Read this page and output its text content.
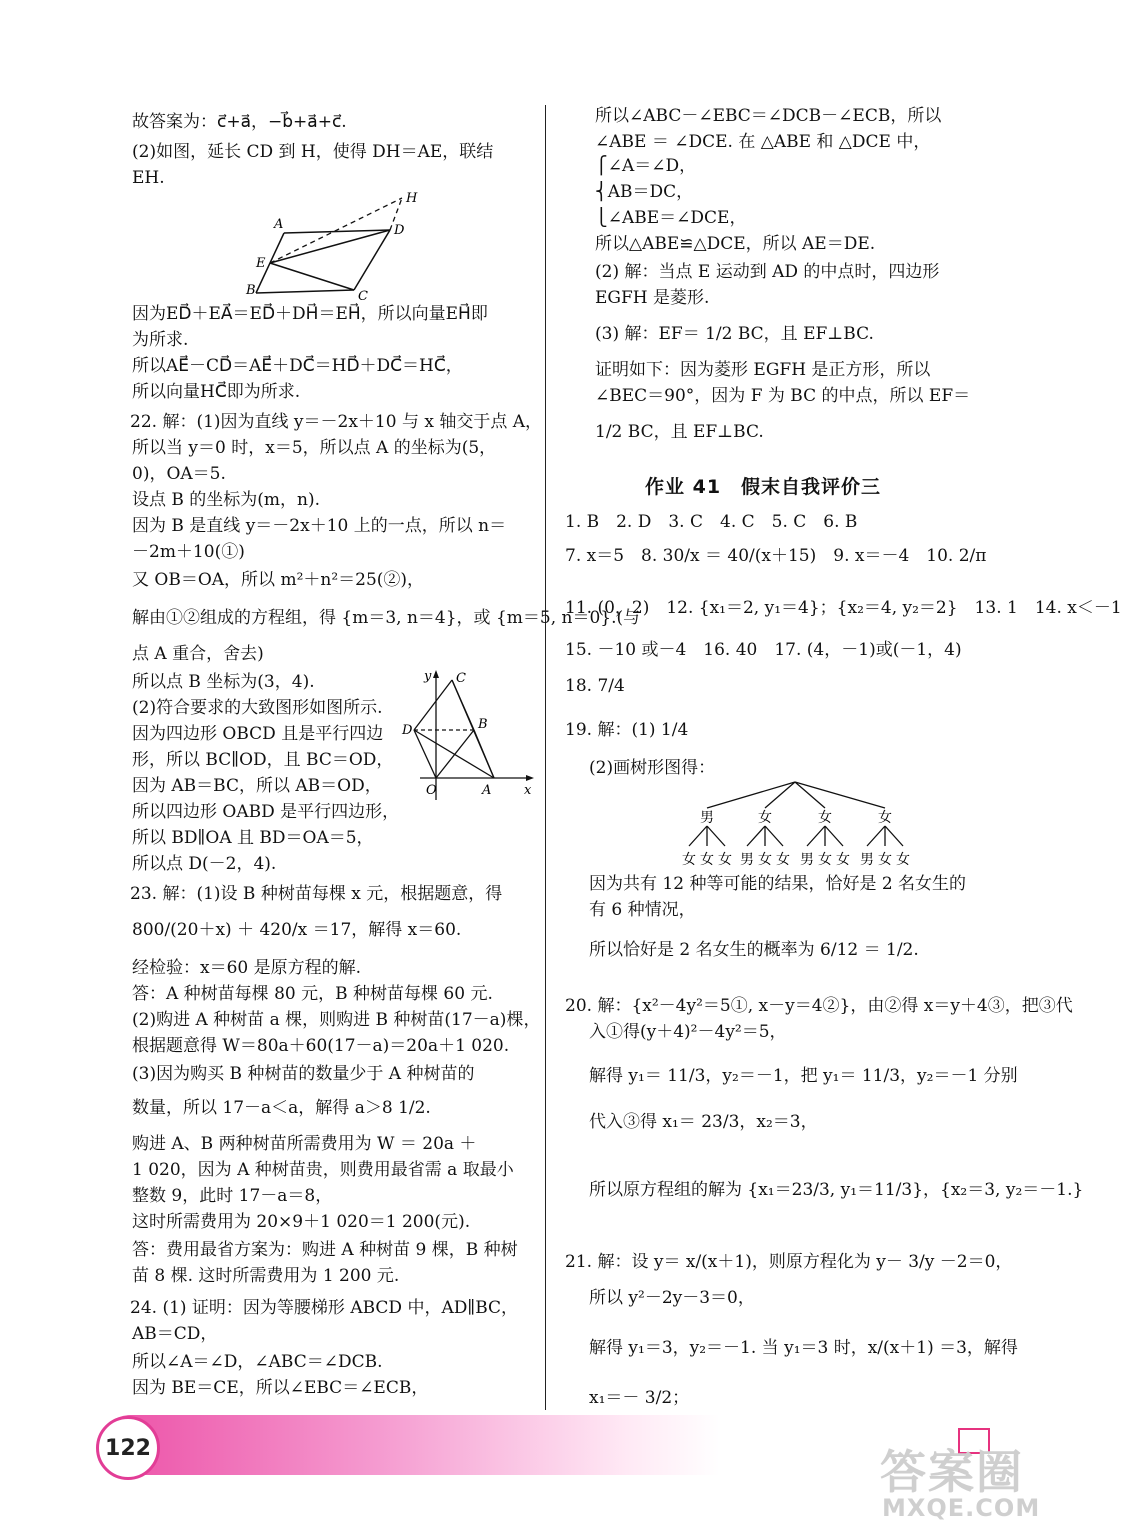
故答案为：c⃗+a⃗，−b⃗+a⃗+c⃗.
(2)如图，延长 CD 到 H，使得 DH＝AE，联结
EH.
A	D
E
B	C
H
因为ED⃗＋EA⃗＝ED⃗＋DH⃗＝EH⃗，所以向量EH⃗即
为所求.
所以AE⃗－CD⃗＝AE⃗＋DC⃗＝HD⃗＋DC⃗＝HC⃗，
所以向量HC⃗即为所求.
22. 解：(1)因为直线 y＝－2x＋10 与 x 轴交于点 A，
所以当 y＝0 时，x＝5，所以点 A 的坐标为(5，
0)，OA＝5.
设点 B 的坐标为(m，n).
因为 B 是直线 y＝－2x＋10 上的一点，所以 n＝
－2m＋10(①)
又 OB＝OA，所以 m²＋n²＝25(②)，
解由①②组成的方程组，得 {m＝3, n＝4}，或 {m＝5, n＝0}.(与
点 A 重合，舍去)
所以点 B 坐标为(3，4).
(2)符合要求的大致图形如图所示.
因为四边形 OBCD 且是平行四边
形，所以 BC∥OD，且 BC＝OD，
因为 AB＝BC，所以 AB＝OD，
所以四边形 OABD 是平行四边形，
所以 BD∥OA 且 BD＝OA＝5，
所以点 D(－2，4).
y C
B
D
O	A	x
23. 解：(1)设 B 种树苗每棵 x 元，根据题意，得
800/(20＋x) ＋ 420/x ＝17，解得 x＝60.
经检验：x＝60 是原方程的解.
答：A 种树苗每棵 80 元，B 种树苗每棵 60 元.
(2)购进 A 种树苗 a 棵，则购进 B 种树苗(17－a)棵，
根据题意得 W＝80a＋60(17－a)＝20a＋1 020.
(3)因为购买 B 种树苗的数量少于 A 种树苗的
数量，所以 17－a＜a，解得 a＞8 1/2.
购进 A、B 两种树苗所需费用为 W ＝ 20a ＋
1 020，因为 A 种树苗贵，则费用最省需 a 取最小
整数 9，此时 17－a＝8，
这时所需费用为 20×9＋1 020＝1 200(元).
答：费用最省方案为：购进 A 种树苗 9 棵，B 种树
苗 8 棵. 这时所需费用为 1 200 元.
24. (1) 证明：因为等腰梯形 ABCD 中，AD∥BC，
AB＝CD，
所以∠A＝∠D，∠ABC＝∠DCB.
因为 BE＝CE，所以∠EBC＝∠ECB，
所以∠ABC－∠EBC＝∠DCB－∠ECB，所以
∠ABE ＝ ∠DCE. 在 △ABE 和 △DCE 中，
⎧∠A＝∠D，
⎨AB＝DC，
⎩∠ABE＝∠DCE，
所以△ABE≌△DCE，所以 AE＝DE.
(2) 解：当点 E 运动到 AD 的中点时，四边形
EGFH 是菱形.
(3) 解：EF＝ 1/2 BC，且 EF⊥BC.
证明如下：因为菱形 EGFH 是正方形，所以
∠BEC＝90°，因为 F 为 BC 的中点，所以 EF＝
1/2 BC，且 EF⊥BC.
作业 41　假末自我评价三
1. B　2. D　3. C　4. C　5. C　6. B
7. x＝5　8. 30/x ＝ 40/(x＋15)　9. x＝－4　10. 2/π
11. (0，2)　12. {x₁＝2, y₁＝4}；{x₂＝4, y₂＝2}　13. 1　14. x＜－1
15. －10 或－4　16. 40　17. (4，－1)或(－1，4)
18. 7/4
19. 解：(1) 1/4
(2)画树形图得：
男	女	女	女
女 女 女 男 女 女 男 女 女 男 女 女
因为共有 12 种等可能的结果，恰好是 2 名女生的
有 6 种情况，
所以恰好是 2 名女生的概率为 6/12 ＝ 1/2.
20. 解：{x²－4y²＝5①, x－y＝4②}，由②得 x＝y＋4③，把③代
入①得(y＋4)²－4y²＝5，
解得 y₁＝ 11/3，y₂＝－1，把 y₁＝ 11/3，y₂＝－1 分别
代入③得 x₁＝ 23/3，x₂＝3，
所以原方程组的解为 {x₁＝23/3, y₁＝11/3}，{x₂＝3, y₂＝－1.}
21. 解：设 y＝ x/(x＋1)，则原方程化为 y－ 3/y －2＝0，
所以 y²－2y－3＝0，
解得 y₁＝3，y₂＝－1. 当 y₁＝3 时，x/(x＋1) ＝3，解得
x₁＝－ 3/2；
122	答案圈
MXQE.COM
